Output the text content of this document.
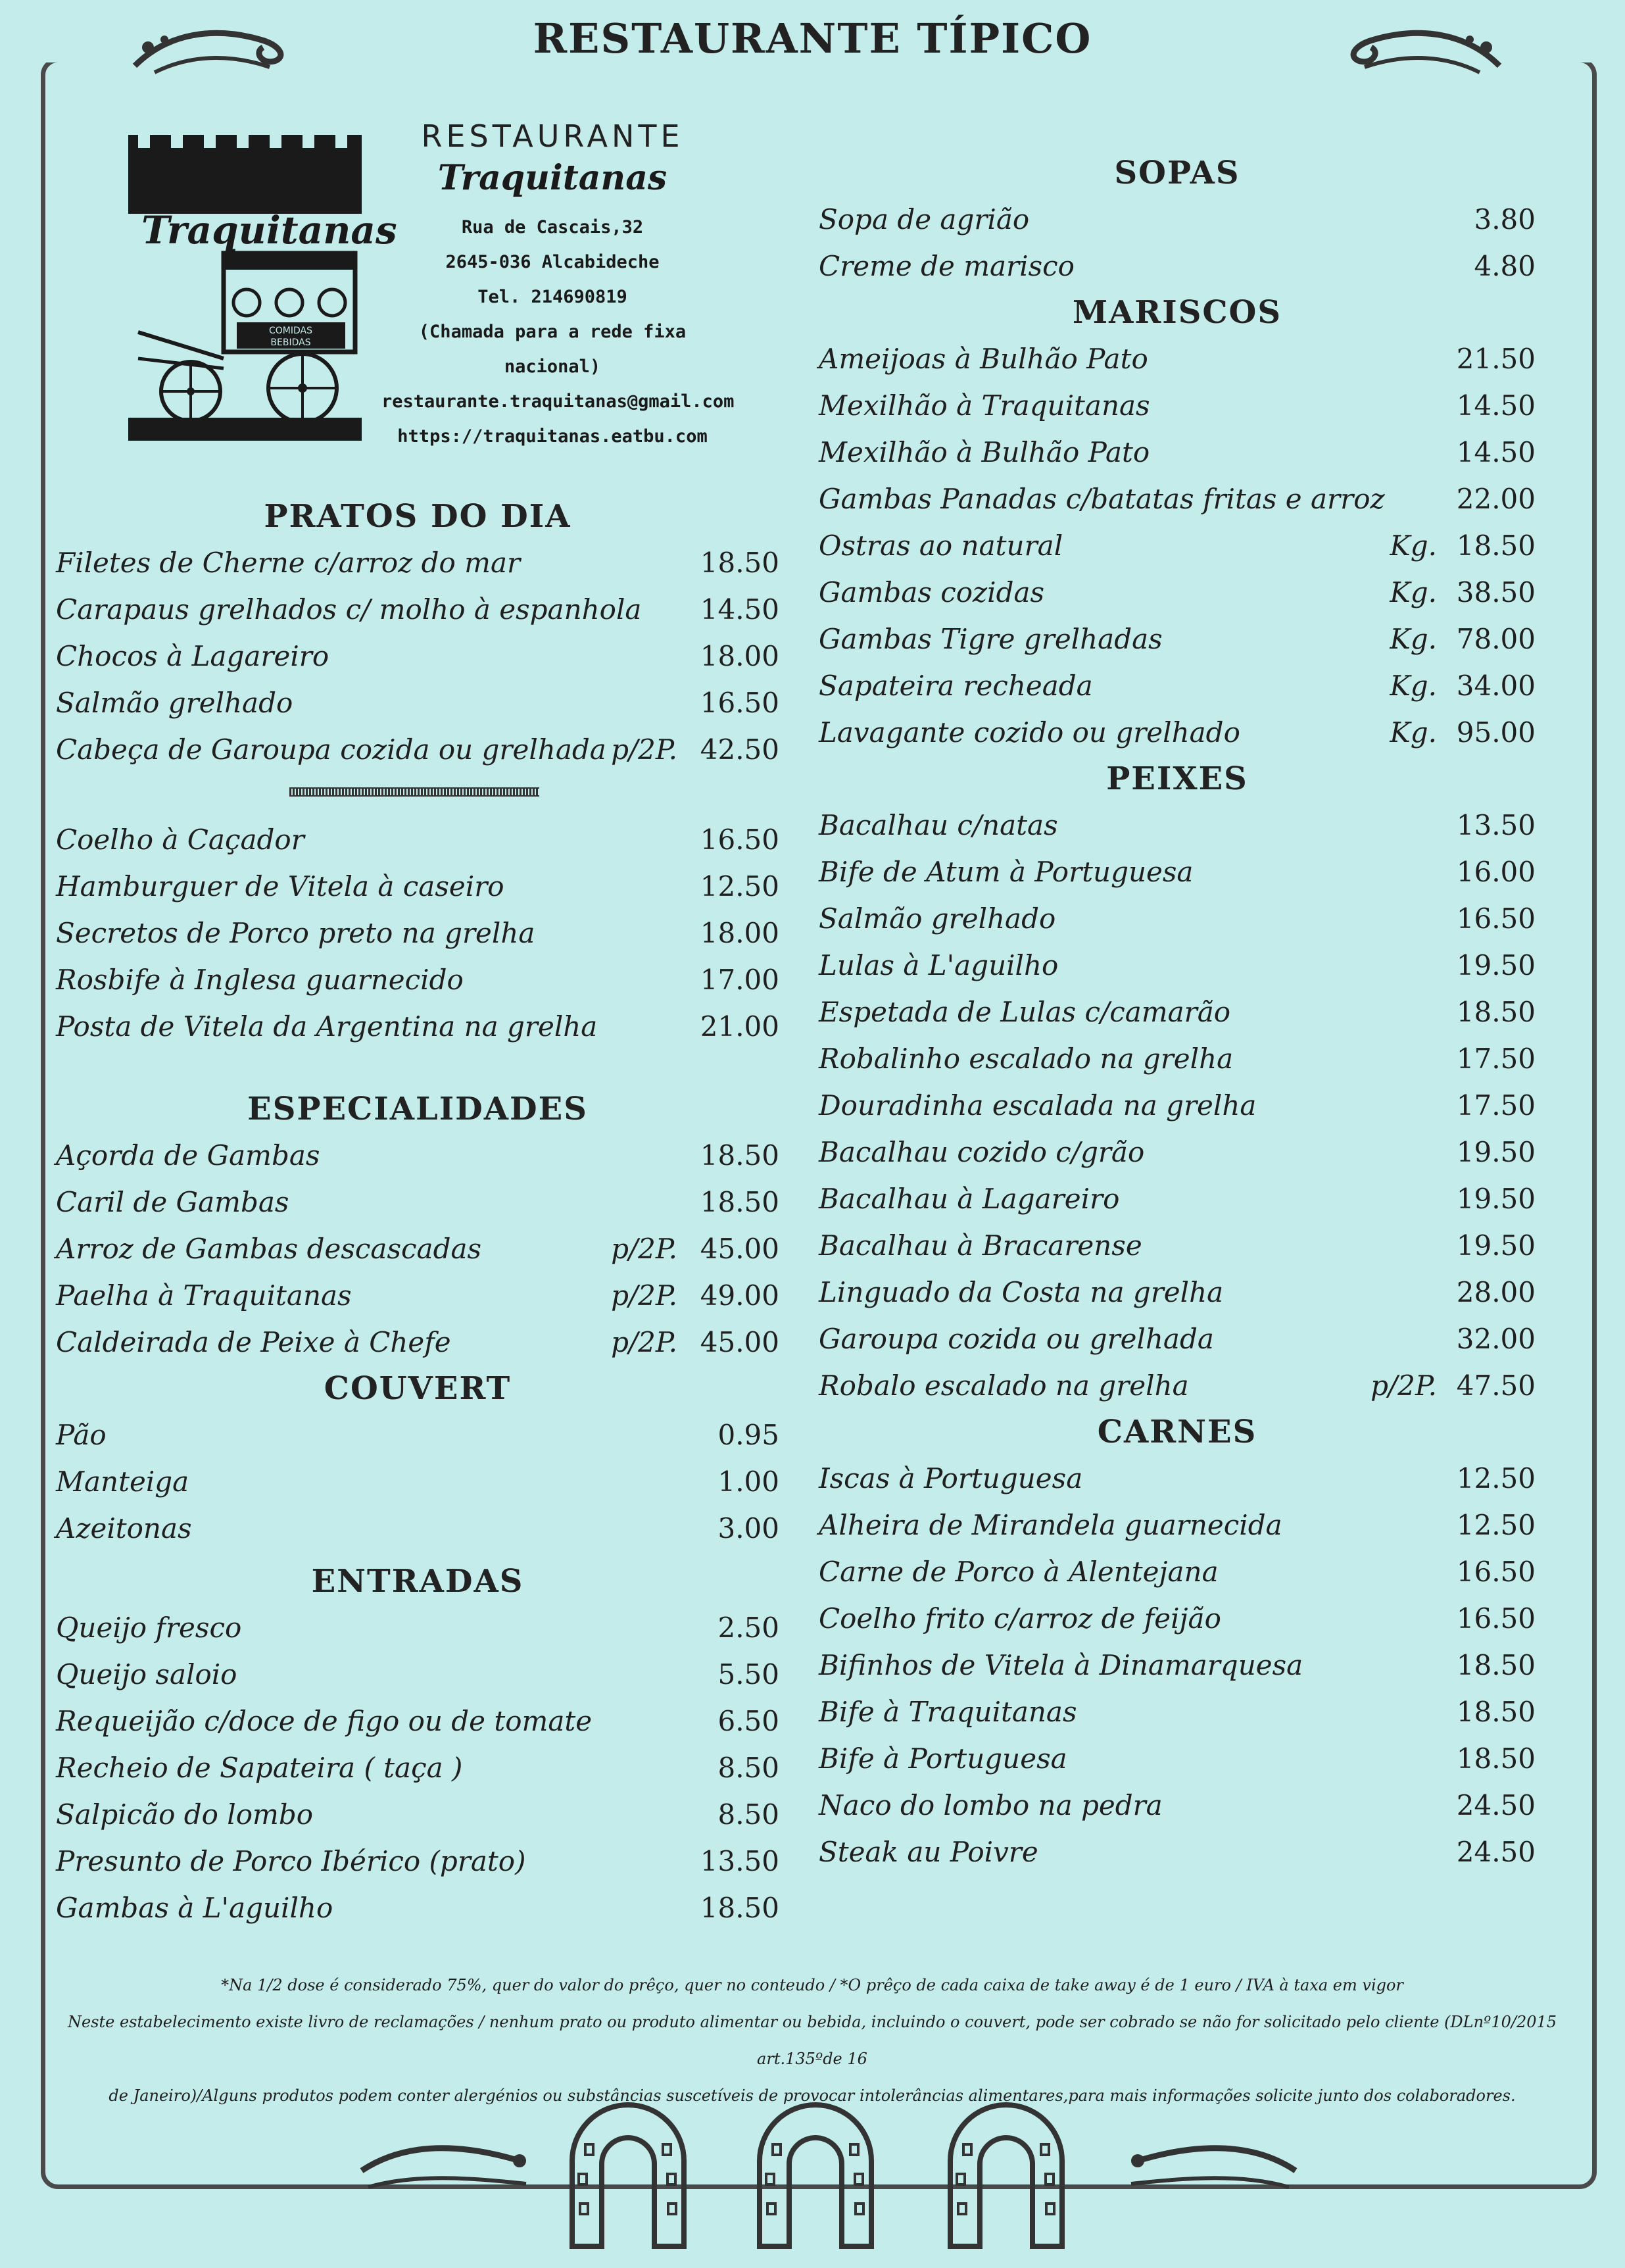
RESTAURANTE TÍPICO
Traquitanas
COMIDAS
BEBIDAS
RESTAURANTE
Traquitanas
Rua de Cascais,32
2645-036 Alcabideche
Tel. 214690819
(Chamada para a rede fixa nacional)
restaurante.traquitanas@gmail.com
https://traquitanas.eatbu.com
PRATOS DO DIA
Filetes de Cherne c/arroz do mar	18.50
Carapaus grelhados c/ molho à espanhola 14.50
Chocos à Lagareiro	18.00
Salmão grelhado	16.50
Cabeça de Garoupa cozida ou grelhada p/2P. 42.50
Coelho à Caçador	16.50
Hamburguer de Vitela à caseiro	12.50
Secretos de Porco preto na grelha	18.00
Rosbife à Inglesa guarnecido	17.00
Posta de Vitela da Argentina na grelha	21.00
ESPECIALIDADES
Açorda de Gambas	18.50
Caril de Gambas	18.50
Arroz de Gambas descascadas	p/2P. 45.00
Paelha à Traquitanas	p/2P. 49.00
Caldeirada de Peixe à Chefe	p/2P. 45.00
COUVERT
Pão	0.95
Manteiga	1.00
Azeitonas	3.00
ENTRADAS
Queijo fresco	2.50
Queijo saloio	5.50
Requeijão c/doce de figo ou de tomate	6.50
Recheio de Sapateira ( taça )	8.50
Salpicão do lombo	8.50
Presunto de Porco Ibérico (prato)	13.50
Gambas à L'aguilho	18.50
SOPAS
Sopa de agrião	3.80
Creme de marisco	4.80
MARISCOS
Ameijoas à Bulhão Pato	21.50
Mexilhão à Traquitanas	14.50
Mexilhão à Bulhão Pato	14.50
Gambas Panadas c/batatas fritas e arroz	22.00
Ostras ao natural	Kg. 18.50
Gambas cozidas	Kg. 38.50
Gambas Tigre grelhadas	Kg. 78.00
Sapateira recheada	Kg. 34.00
Lavagante cozido ou grelhado	Kg. 95.00
PEIXES
Bacalhau c/natas	13.50
Bife de Atum à Portuguesa	16.00
Salmão grelhado	16.50
Lulas à L'aguilho	19.50
Espetada de Lulas c/camarão	18.50
Robalinho escalado na grelha	17.50
Douradinha escalada na grelha	17.50
Bacalhau cozido c/grão	19.50
Bacalhau à Lagareiro	19.50
Bacalhau à Bracarense	19.50
Linguado da Costa na grelha	28.00
Garoupa cozida ou grelhada	32.00
Robalo escalado na grelha	p/2P. 47.50
CARNES
Iscas à Portuguesa	12.50
Alheira de Mirandela guarnecida	12.50
Carne de Porco à Alentejana	16.50
Coelho frito c/arroz de feijão	16.50
Bifinhos de Vitela à Dinamarquesa	18.50
Bife à Traquitanas	18.50
Bife à Portuguesa	18.50
Naco do lombo na pedra	24.50
Steak au Poivre	24.50
*Na 1/2 dose é considerado 75%, quer do valor do prêço, quer no conteudo / *O prêço de cada caixa de take away é de 1 euro / IVA à taxa em vigor
Neste estabelecimento existe livro de reclamações / nenhum prato ou produto alimentar ou bebida, incluindo o couvert, pode ser cobrado se não for solicitado pelo cliente (DLnº10/2015 art.135ºde 16
de Janeiro)/Alguns produtos podem conter alergénios ou substâncias suscetíveis de provocar intolerâncias alimentares,para mais informações solicite junto dos colaboradores.
